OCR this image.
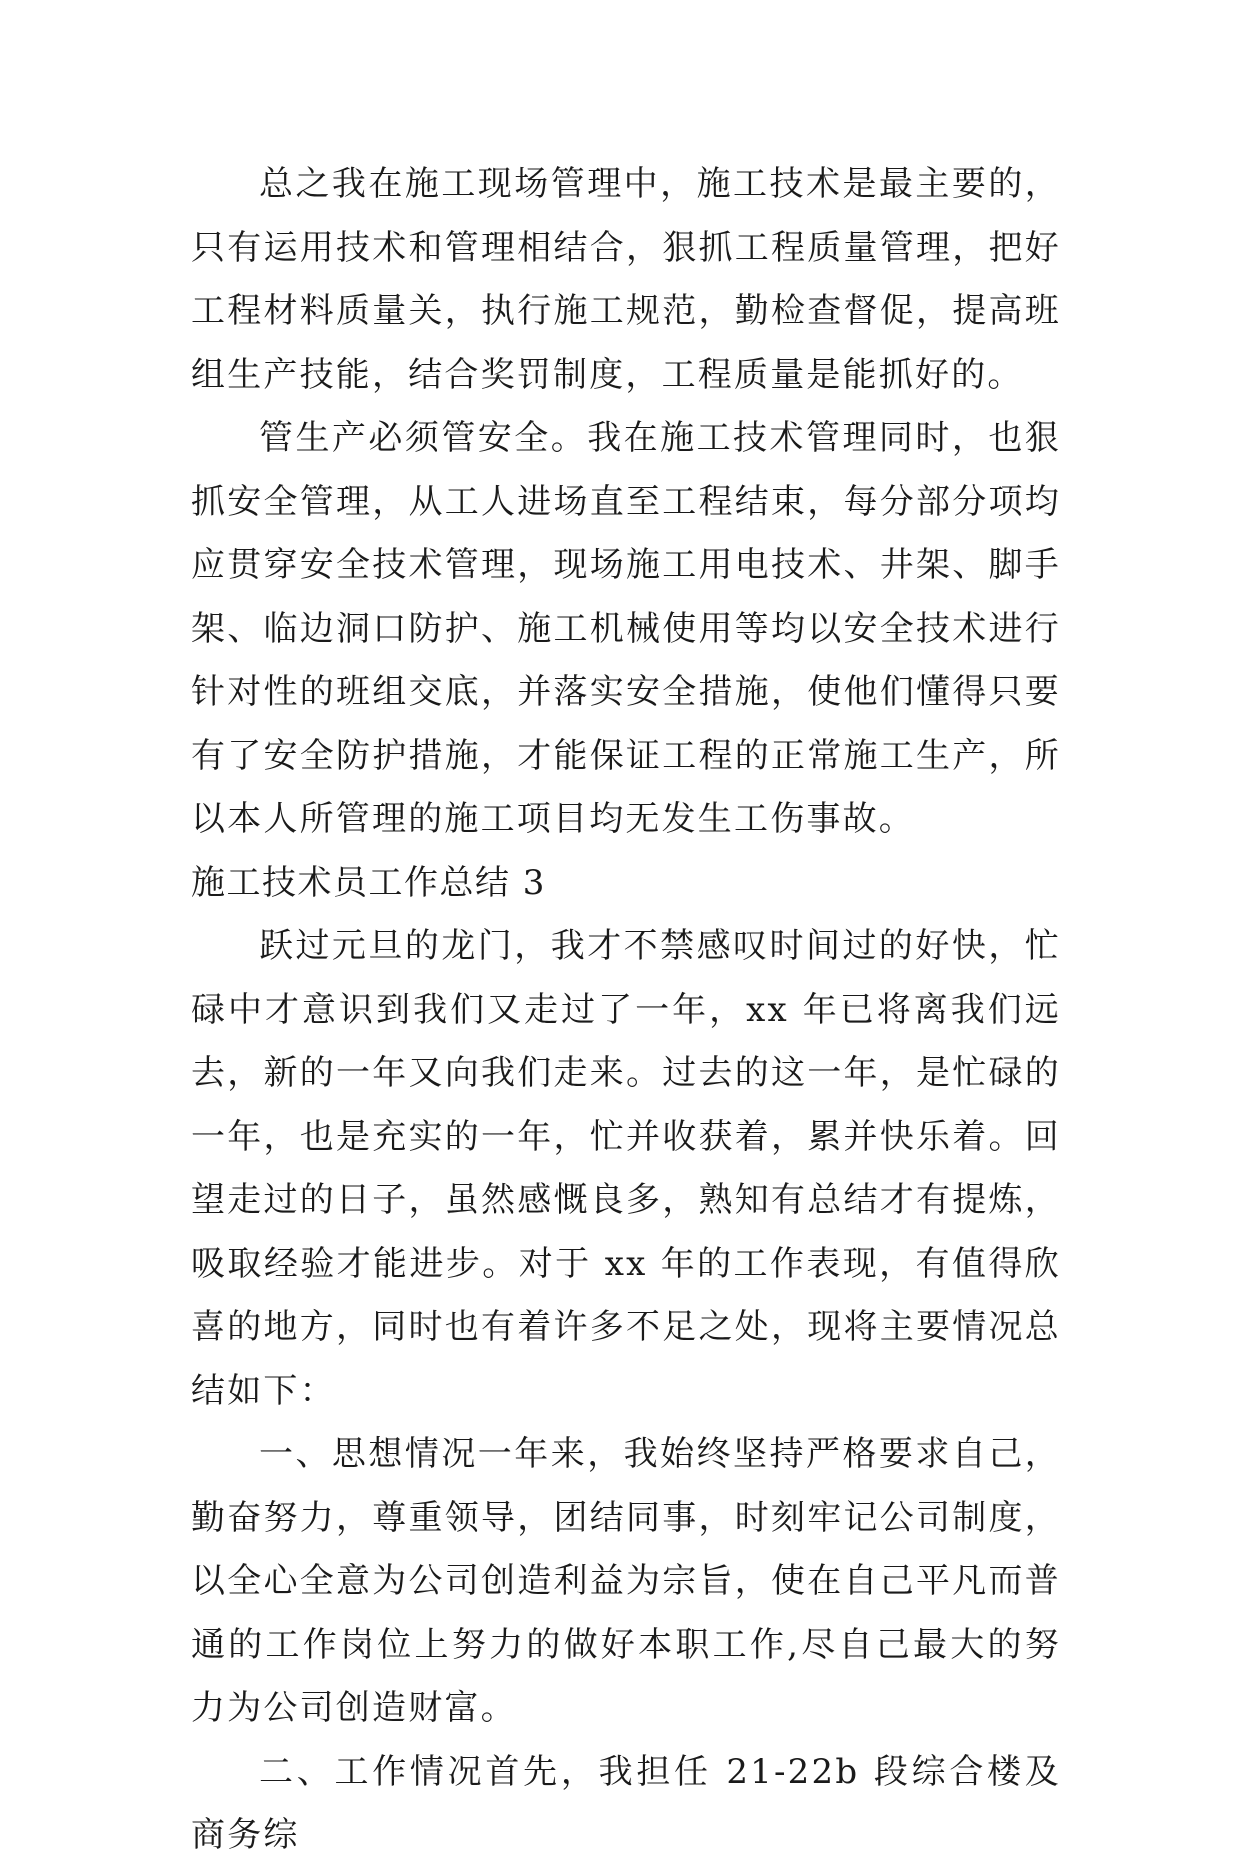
总之我在施工现场管理中，施工技术是最主要的，只有运用技术和管理相结合，狠抓工程质量管理，把好工程材料质量关，执行施工规范，勤检查督促，提高班组生产技能，结合奖罚制度，工程质量是能抓好的。

管生产必须管安全。我在施工技术管理同时，也狠抓安全管理，从工人进场直至工程结束，每分部分项均应贯穿安全技术管理，现场施工用电技术、井架、脚手架、临边洞口防护、施工机械使用等均以安全技术进行针对性的班组交底，并落实安全措施，使他们懂得只要有了安全防护措施，才能保证工程的正常施工生产，所以本人所管理的施工项目均无发生工伤事故。

施工技术员工作总结 3

跃过元旦的龙门，我才不禁感叹时间过的好快，忙碌中才意识到我们又走过了一年，xx 年已将离我们远去，新的一年又向我们走来。过去的这一年，是忙碌的一年，也是充实的一年，忙并收获着，累并快乐着。回望走过的日子，虽然感慨良多，熟知有总结才有提炼，吸取经验才能进步。对于 xx 年的工作表现，有值得欣喜的地方，同时也有着许多不足之处，现将主要情况总结如下：

一、思想情况一年来，我始终坚持严格要求自己，勤奋努力，尊重领导，团结同事，时刻牢记公司制度，以全心全意为公司创造利益为宗旨，使在自己平凡而普通的工作岗位上努力的做好本职工作,尽自己最大的努力为公司创造财富。

二、工作情况首先，我担任 21-22b 段综合楼及商务综
